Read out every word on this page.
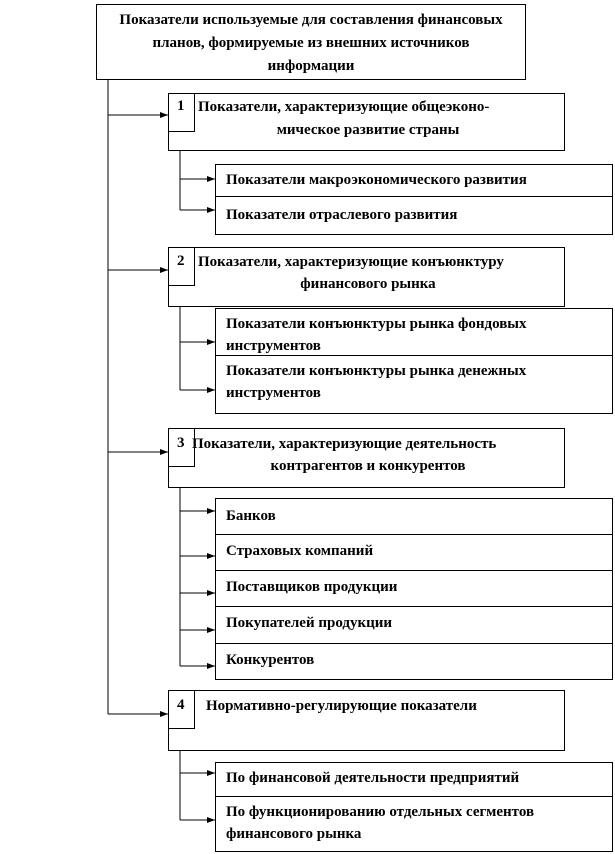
Показатели используемые для составления финансовых планов, формируемые из внешних источников информации
1 Показатели, характеризующие общеэконо-
мическое развитие страны
Показатели макроэкономического развития
Показатели отраслевого развития
2 Показатели, характеризующие конъюнктуру
финансового рынка
Показатели конъюнктуры рынка фондовых инструментов
Показатели конъюнктуры рынка денежных инструментов
3 Показатели, характеризующие деятельность
контрагентов и конкурентов
Банков
Страховых компаний
Поставщиков продукции
Покупателей продукции
Конкурентов
4 Нормативно-регулирующие показатели
По финансовой деятельности предприятий
По функционированию отдельных сегментов финансового рынка
